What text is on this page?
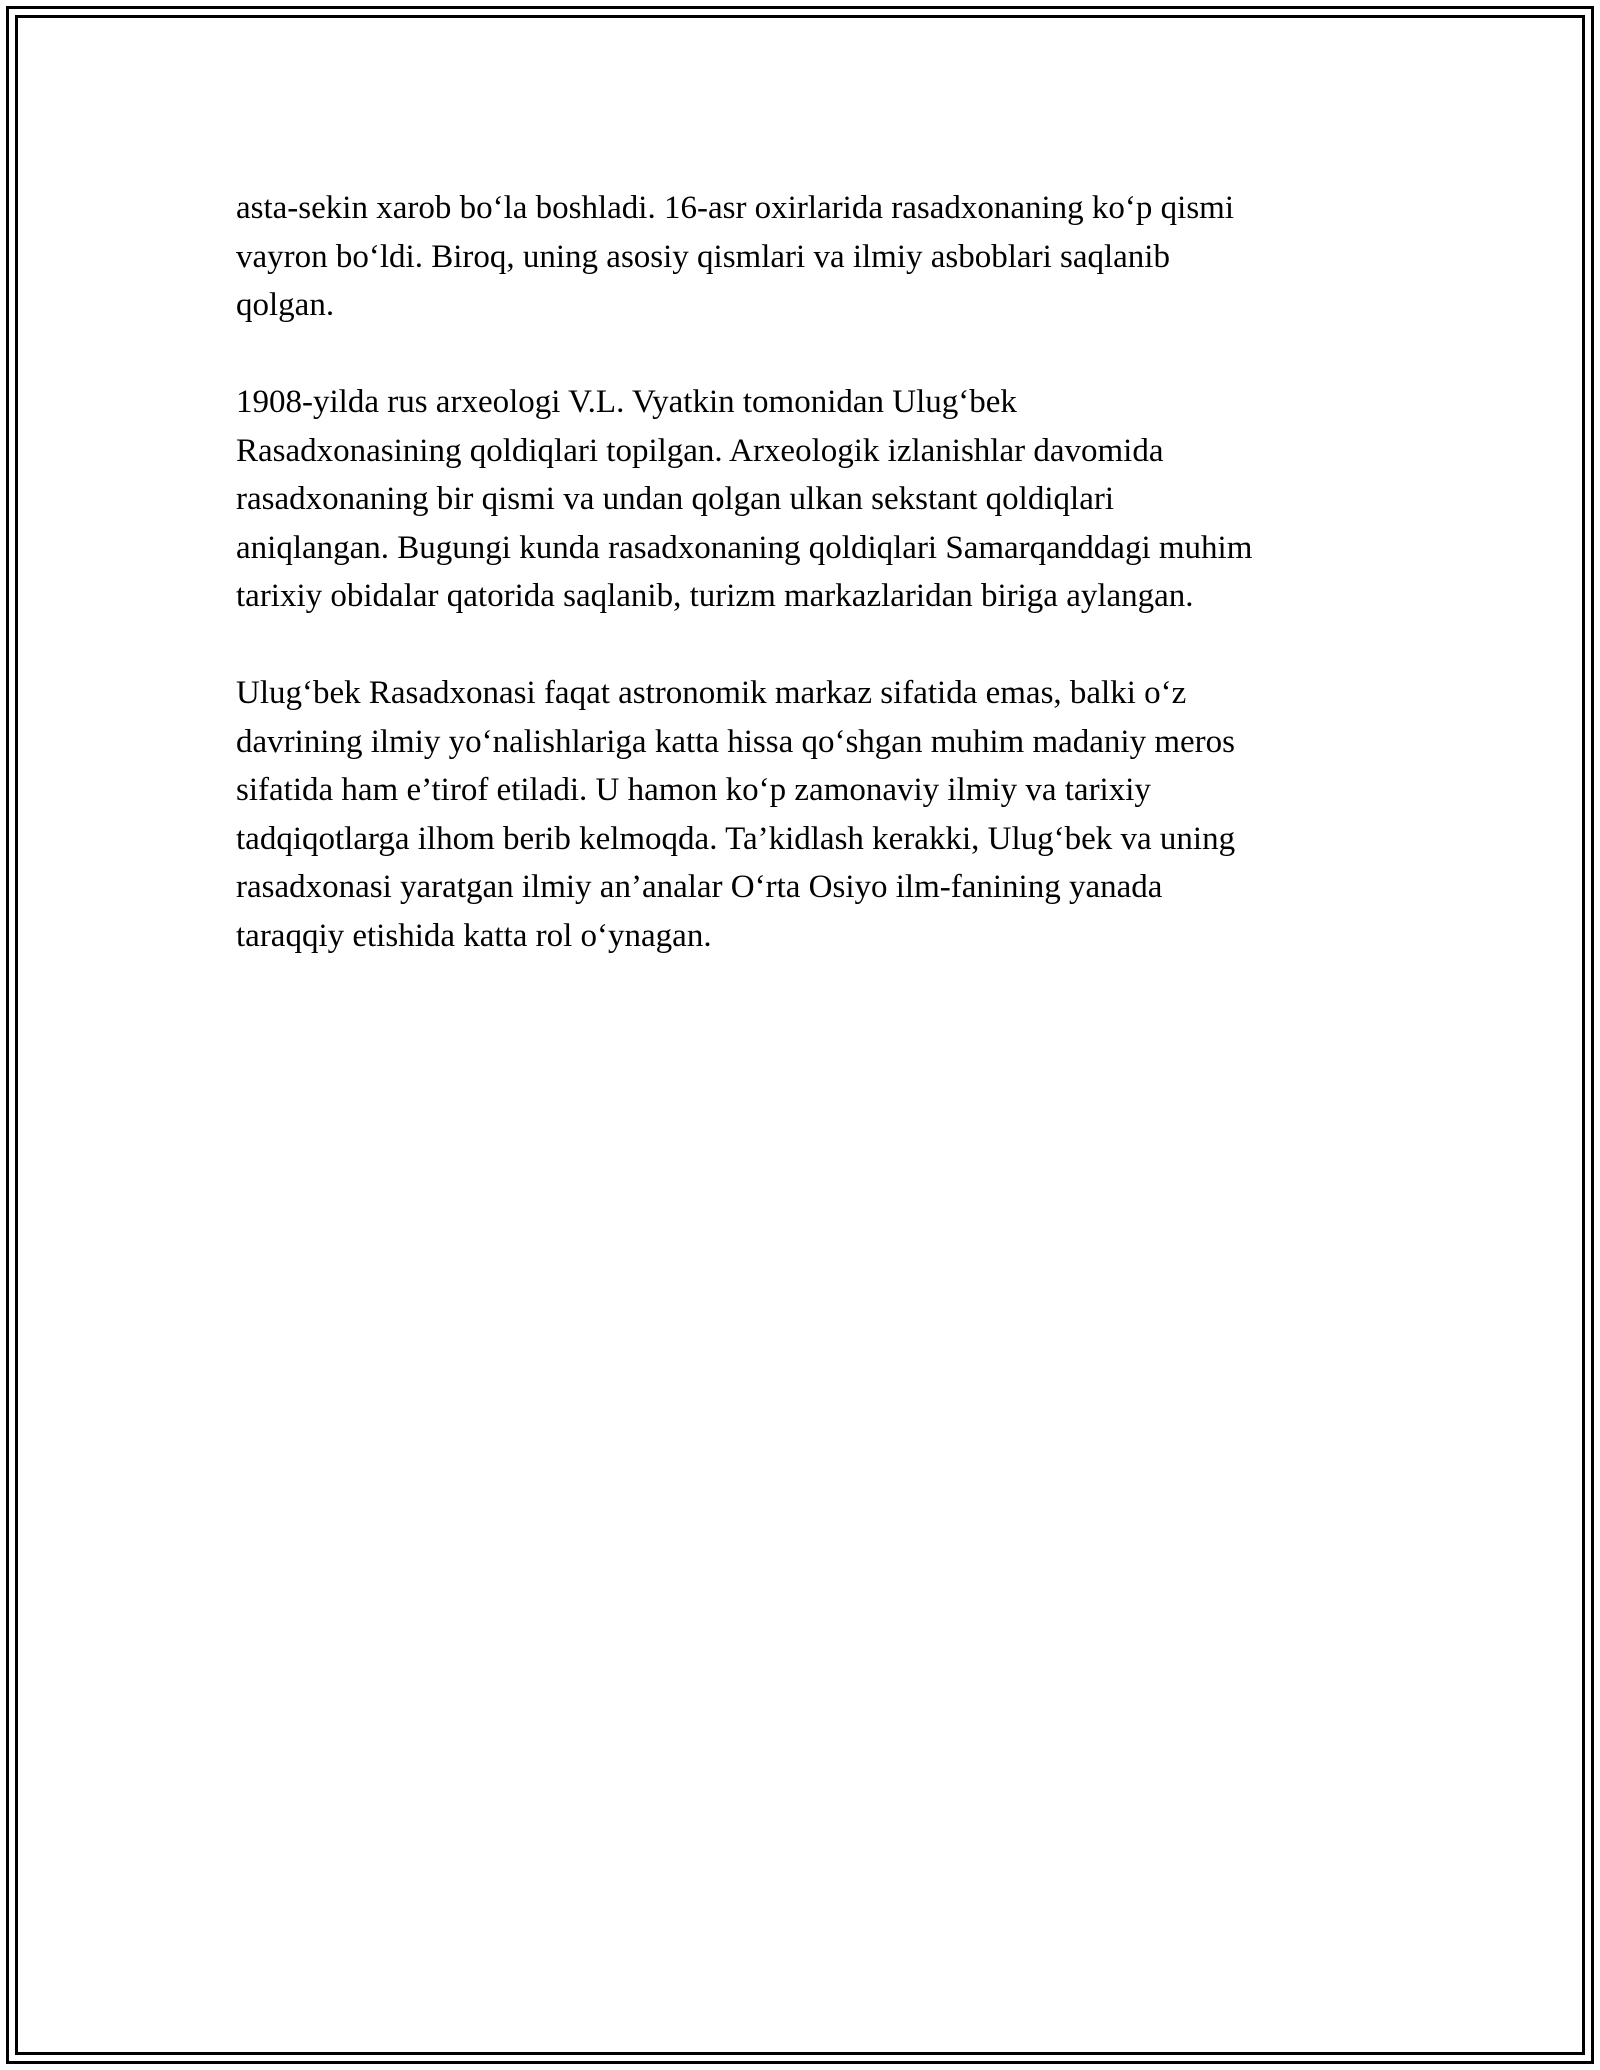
asta-sekin xarob bo‘la boshladi. 16-asr oxirlarida rasadxonaning ko‘p qismi
vayron bo‘ldi. Biroq, uning asosiy qismlari va ilmiy asboblari saqlanib
qolgan.

1908-yilda rus arxeologi V.L. Vyatkin tomonidan Ulug‘bek
Rasadxonasining qoldiqlari topilgan. Arxeologik izlanishlar davomida
rasadxonaning bir qismi va undan qolgan ulkan sekstant qoldiqlari
aniqlangan. Bugungi kunda rasadxonaning qoldiqlari Samarqanddagi muhim
tarixiy obidalar qatorida saqlanib, turizm markazlaridan biriga aylangan.

Ulug‘bek Rasadxonasi faqat astronomik markaz sifatida emas, balki o‘z
davrining ilmiy yo‘nalishlariga katta hissa qo‘shgan muhim madaniy meros
sifatida ham e’tirof etiladi. U hamon ko‘p zamonaviy ilmiy va tarixiy
tadqiqotlarga ilhom berib kelmoqda. Ta’kidlash kerakki, Ulug‘bek va uning
rasadxonasi yaratgan ilmiy an’analar O‘rta Osiyo ilm-fanining yanada
taraqqiy etishida katta rol o‘ynagan.
